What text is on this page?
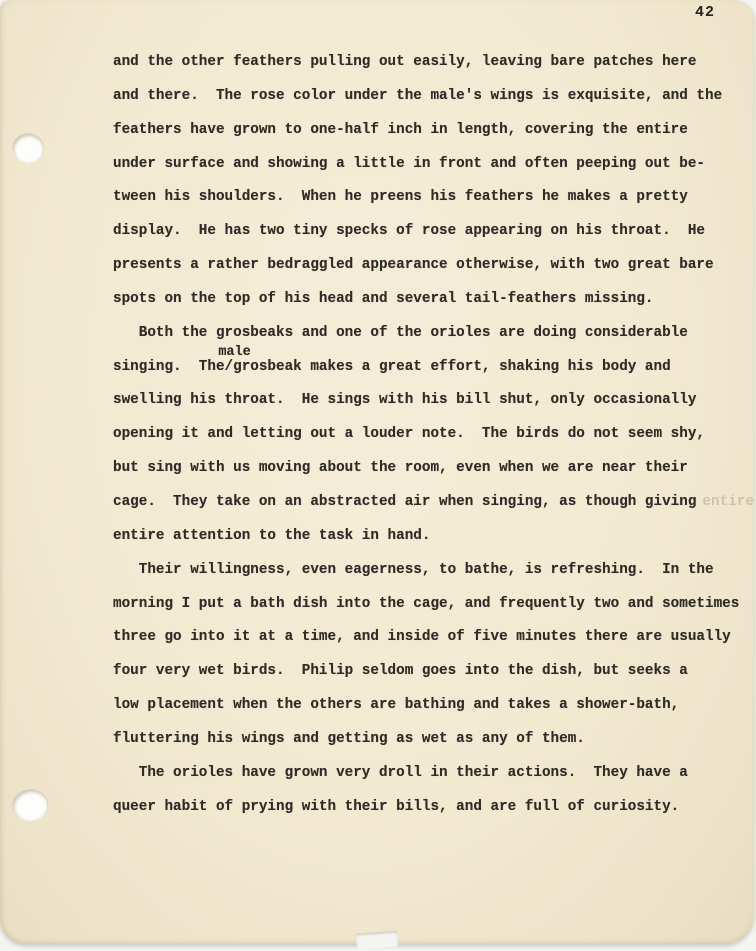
42
and the other feathers pulling out easily, leaving bare patches here
and there.  The rose color under the male's wings is exquisite, and the
feathers have grown to one-half inch in length, covering the entire
under surface and showing a little in front and often peeping out be-
tween his shoulders.  When he preens his feathers he makes a pretty
display.  He has two tiny specks of rose appearing on his throat.  He
presents a rather bedraggled appearance otherwise, with two great bare
spots on the top of his head and several tail-feathers missing.
Both the grosbeaks and one of the orioles are doing considerable
singing.  The/grosbeak makes a great effort, shaking his body and
male
swelling his throat.  He sings with his bill shut, only occasionally
opening it and letting out a louder note.  The birds do not seem shy,
but sing with us moving about the room, even when we are near their
cage.  They take on an abstracted air when singing, as though giving entire
entire attention to the task in hand.
Their willingness, even eagerness, to bathe, is refreshing.  In the
morning I put a bath dish into the cage, and frequently two and sometimes
three go into it at a time, and inside of five minutes there are usually
four very wet birds.  Philip seldom goes into the dish, but seeks a
low placement when the others are bathing and takes a shower-bath,
fluttering his wings and getting as wet as any of them.
The orioles have grown very droll in their actions.  They have a
queer habit of prying with their bills, and are full of curiosity.
